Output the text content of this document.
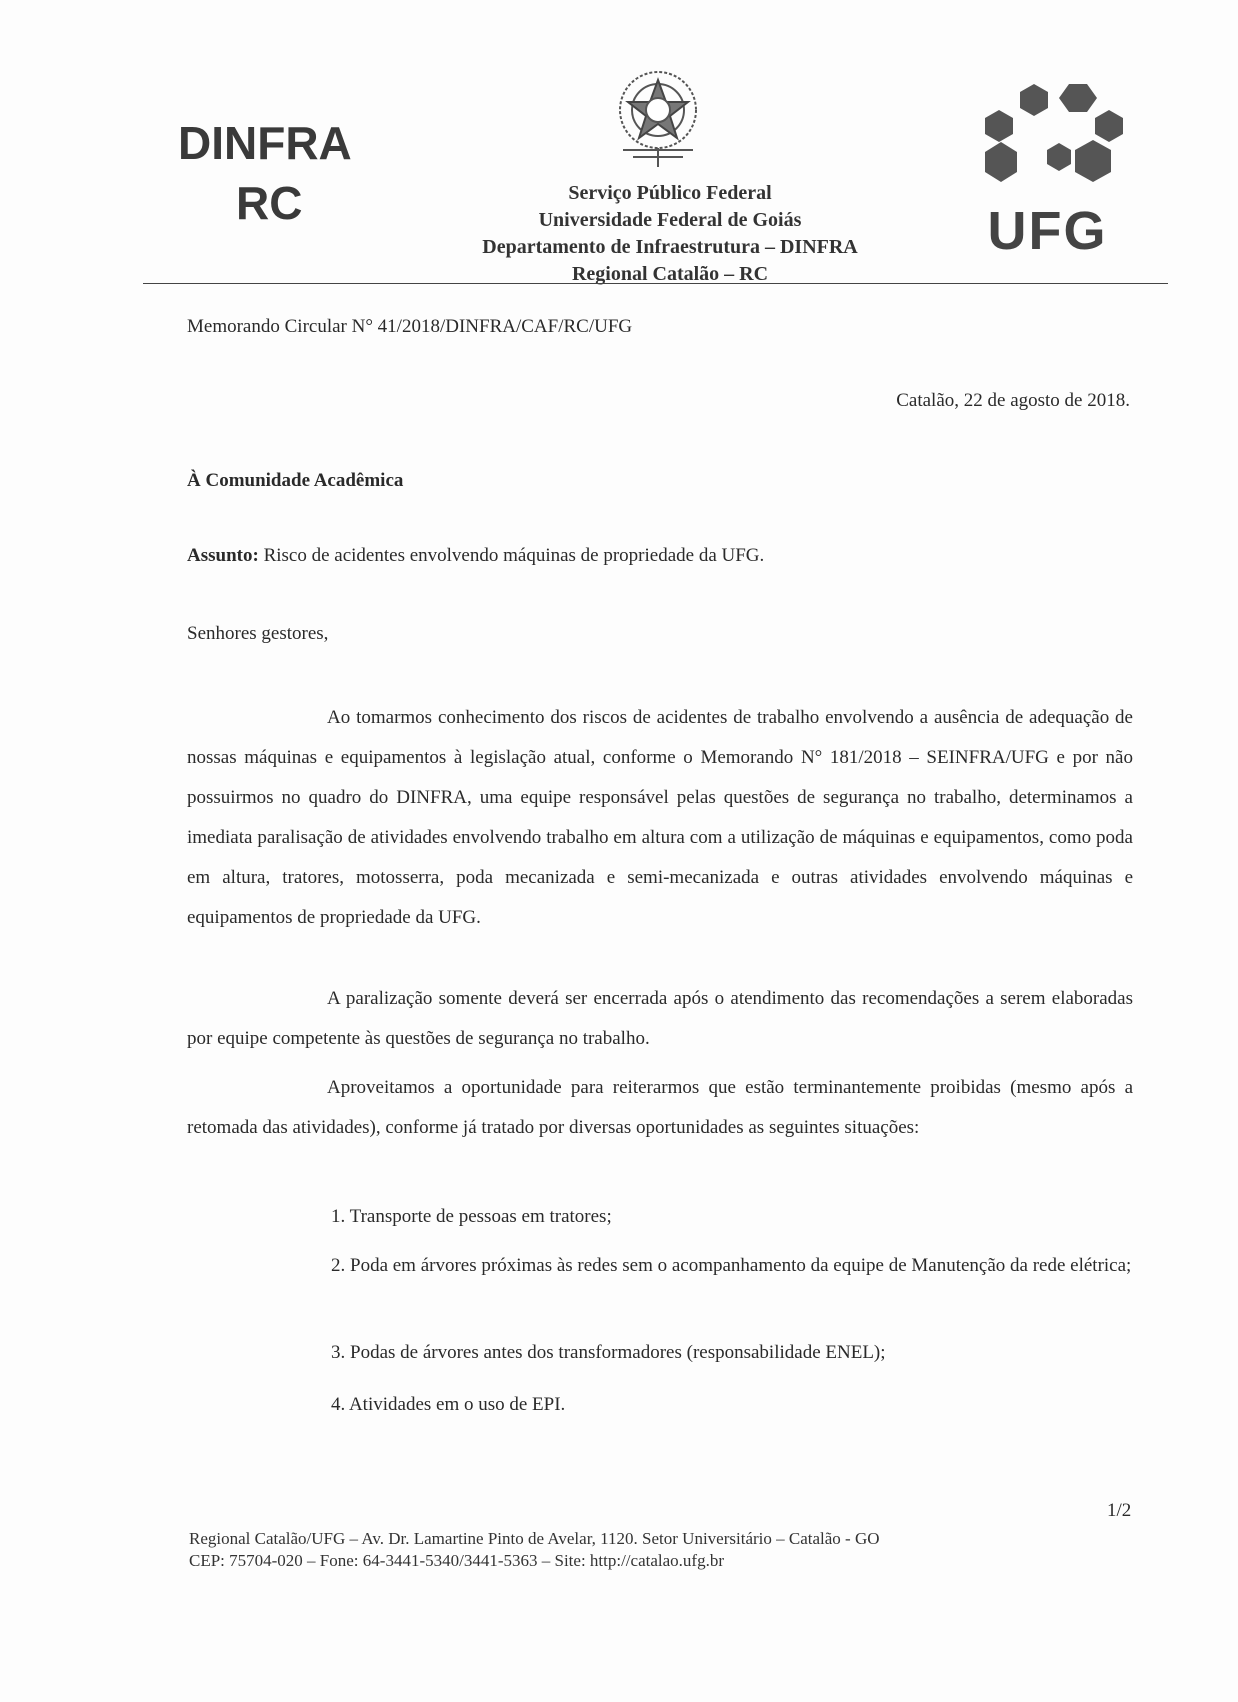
DINFRA
RC	Serviço Público Federal
Universidade Federal de Goiás
Departamento de Infraestrutura – DINFRA
Regional Catalão – RC
UFG
Memorando Circular N° 41/2018/DINFRA/CAF/RC/UFG
Catalão, 22 de agosto de 2018.
À Comunidade Acadêmica
Assunto: Risco de acidentes envolvendo máquinas de propriedade da UFG.
Senhores gestores,

Ao tomarmos conhecimento dos riscos de acidentes de trabalho envolvendo a ausência de adequação de nossas máquinas e equipamentos à legislação atual, conforme o Memorando N° 181/2018 – SEINFRA/UFG e por não possuirmos no quadro do DINFRA, uma equipe responsável pelas questões de segurança no trabalho, determinamos a imediata paralisação de atividades envolvendo trabalho em altura com a utilização de máquinas e equipamentos, como poda em altura, tratores, motosserra, poda mecanizada e semi-mecanizada e outras atividades envolvendo máquinas e equipamentos de propriedade da UFG.

A paralização somente deverá ser encerrada após o atendimento das recomendações a serem elaboradas por equipe competente às questões de segurança no trabalho.

Aproveitamos a oportunidade para reiterarmos que estão terminantemente proibidas (mesmo após a retomada das atividades), conforme já tratado por diversas oportunidades as seguintes situações:

1. Transporte de pessoas em tratores;
2. Poda em árvores próximas às redes sem o acompanhamento da equipe de Manutenção da rede elétrica;
3. Podas de árvores antes dos transformadores (responsabilidade ENEL);
4. Atividades em o uso de EPI.
1/2
Regional Catalão/UFG – Av. Dr. Lamartine Pinto de Avelar, 1120. Setor Universitário – Catalão - GO
CEP: 75704-020 – Fone: 64-3441-5340/3441-5363 – Site: http://catalao.ufg.br
